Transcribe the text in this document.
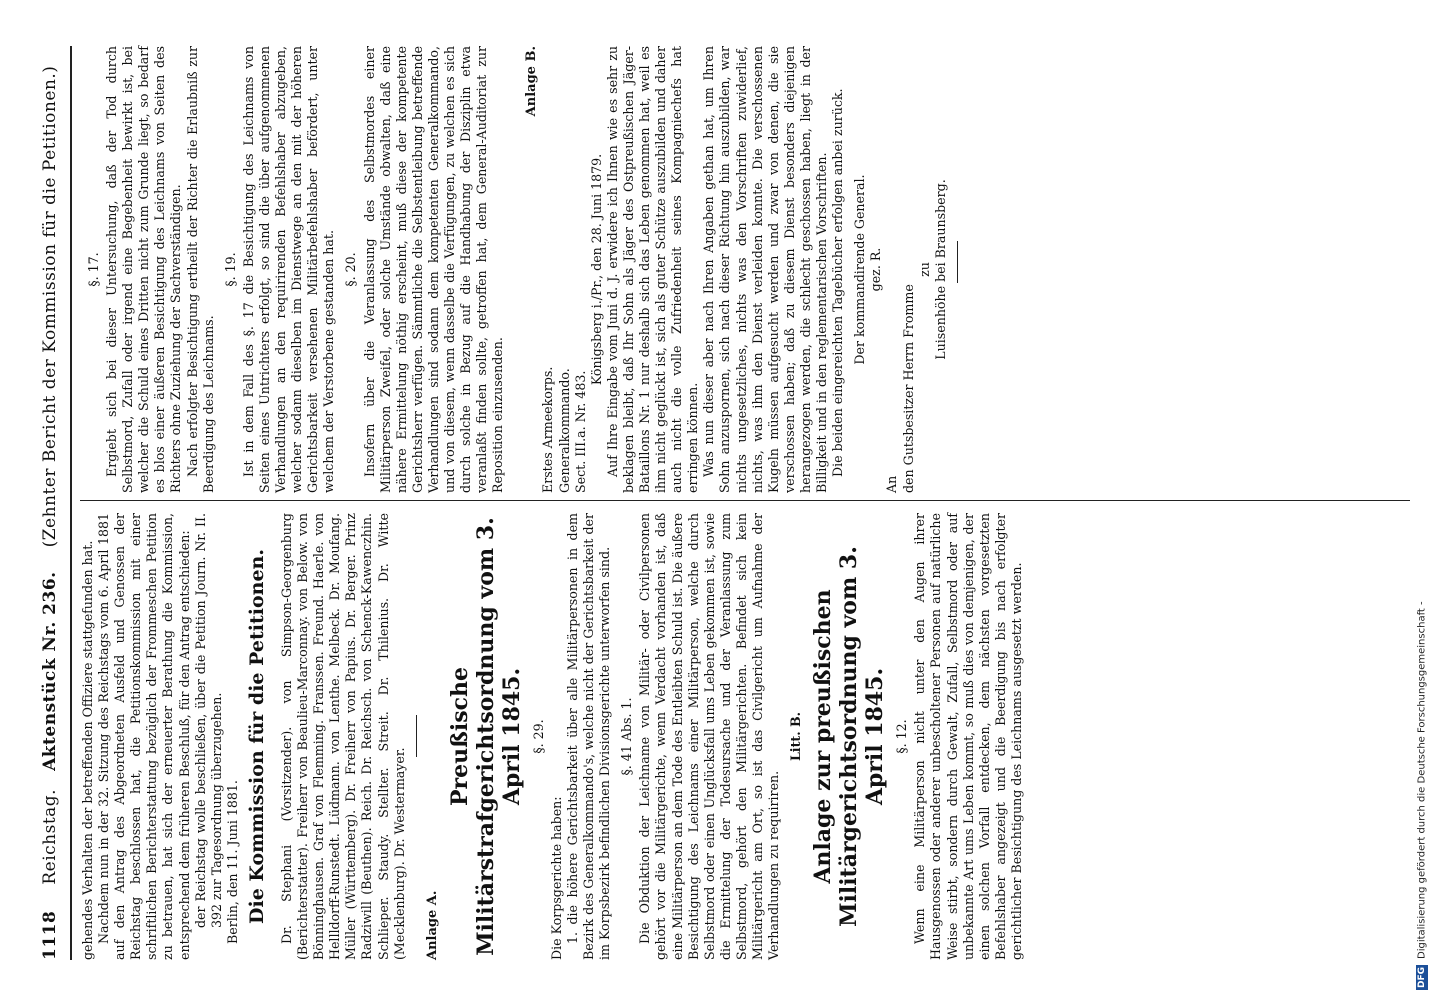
1118
Reichstag.
Aktenstück Nr. 236.
(Zehnter Bericht der Kommission für die Petitionen.)

gehendes Verhalten der betreffenden Offiziere stattgefunden hat. Nachdem nun in der 32. Sitzung des Reichstags vom 6. April 1881 auf den Antrag des Abgeordneten Ausfeld und Genossen der Reichstag beschlossen hat, die Petitionskommission mit einer schriftlichen Berichterstattung bezüglich der Frommeschen Petition zu betrauen, hat sich der erneuerter Berathung die Kommission, entsprechend dem früheren Beschluß, für den Antrag entschieden: der Reichstag wolle beschließen, über die Petition Journ. Nr. II. 392 zur Tagesordnung überzugehen. Berlin, den 11. Juni 1881. Die Kommission für die Petitionen. Dr. Stephani (Vorsitzender). von Simpson-Georgenburg (Berichterstatter). Freiherr von Beaulieu-Marconnay. von Below. von Bönninghausen. Graf von Flemming. Franssen. Freund. Haerle. von Hellldorff-Runstedt. Lüdmann. von Lenthe. Melbeck. Dr. Moufang. Müller (Württemberg). Dr. Freiherr von Papius. Dr. Berger. Prinz Radziwill (Beuthen). Reich. Dr. Reichsch. von Schenck-Kawenczhin. Schlieper. Staudy. Stellter. Streit. Dr. Thilenius. Dr. Witte (Mecklenburg). Dr. Westermayer. Anlage A.
Preußische Militärstrafgerichtsordnung vom 3. April 1845. §. 29.

Die Korpsgerichte haben: 1. die höhere Gerichtsbarkeit über alle Militärpersonen in dem Bezirk des Generalkommando's, welche nicht der Gerichtsbarkeit der im Korpsbezirk befindlichen Divisionsgerichte unterworfen sind. §. 41 Abs. 1. Die Obduktion der Leichname von Militär- oder Civilpersonen gehört vor die Militärgerichte, wenn Verdacht vorhanden ist, daß eine Militärperson an dem Tode des Entleibten Schuld ist. Die äußere Besichtigung des Leichnams einer Militärperson, welche durch Selbstmord oder einen Unglücksfall ums Leben gekommen ist, sowie die Ermittelung der Todesursache und der Veranlassung zum Selbstmord, gehört den Militärgerichten. Befindet sich kein Militärgericht am Ort, so ist das Civilgericht um Aufnahme der Verhandlungen zu requiriren.

Litt. B. Anlage zur preußischen Militärgerichtsordnung vom 3. April 1845. §. 12. Wenn eine Militärperson nicht unter den Augen ihrer Hausgenossen oder anderer unbescholtener Personen auf natürliche Weise stirbt, sondern durch Gewalt, Zufall, Selbstmord oder auf unbekannte Art ums Leben kommt, so muß dies von demjenigen, der einen solchen Vorfall entdecken, dem nächsten vorgesetzten Befehlshaber angezeigt und die Beerdigung bis nach erfolgter gerichtlicher Besichtigung des Leichnams ausgesetzt werden.

§. 17. Ergiebt sich bei dieser Untersuchung, daß der Tod durch Selbstmord, Zufall oder irgend eine Begebenheit bewirkt ist, bei welcher die Schuld eines Dritten nicht zum Grunde liegt, so bedarf es blos einer äußeren Besichtigung des Leichnams von Seiten des Richters ohne Zuziehung der Sachverständigen. Nach erfolgter Besichtigung ertheilt der Richter die Erlaubniß zur Beerdigung des Leichnams.

§. 19. Ist in dem Fall des §. 17 die Besichtigung des Leichnams von Seiten eines Untrichters erfolgt, so sind die über aufgenommenen Verhandlungen an den requirirenden Befehlshaber abzugeben, welcher sodann dieselben im Dienstwege an den mit der höheren Gerichtsbarkeit versehenen Militärbefehlshaber befördert, unter welchem der Verstorbene gestanden hat. §. 20. Insofern über die Veranlassung des Selbstmordes einer Militärperson Zweifel, oder solche Umstände obwalten, daß eine nähere Ermittelung nöthig erscheint, muß diese der kompetente Gerichtsherr verfügen. Sämmtliche die Selbstentleibung betreffende Verhandlungen sind sodann dem kompetenten Generalkommando, und von diesem, wenn dasselbe die Verfügungen, zu welchen es sich durch solche in Bezug auf die Handhabung der Disziplin etwa veranlaßt finden sollte, getroffen hat, dem General-Auditoriat zur Reposition einzusenden.

Anlage B.

Erstes Armeekorps.
Generalkommando.
Sect. III.a. Nr. 483. Königsberg i./Pr., den 28. Juni 1879. Auf Ihre Eingabe vom Juni d. J. erwidere ich Ihnen wie es sehr zu beklagen bleibt, daß Ihr Sohn als Jäger des Ostpreußischen Jäger-Bataillons Nr. 1 nur deshalb sich das Leben genommen hat, weil es ihm nicht geglückt ist, sich als guter Schütze auszubilden und daher auch nicht die volle Zufriedenheit seines Kompagniechefs hat erringen können. Was nun dieser aber nach Ihren Angaben gethan hat, um Ihren Sohn anzuspornen, sich nach dieser Richtung hin auszubilden, war nichts ungesetzliches, nichts was den Vorschriften zuwiderlief, nichts, was ihm den Dienst verleiden konnte. Die verschossenen Kugeln müssen aufgesucht werden und zwar von denen, die sie verschossen haben; daß zu diesem Dienst besonders diejenigen herangezogen werden, die schlecht geschossen haben, liegt in der Billigkeit und in den reglementarischen Vorschriften. Die beiden eingereichten Tagebücher erfolgen anbei zurück. Der kommandirende General. gez. R.

An den Gutsbesitzer Herrn Fromme

zu Luisenhöhe bei Braunsberg.

DFG
Digitalisierung gefördert durch die Deutsche Forschungsgemeinschaft -
